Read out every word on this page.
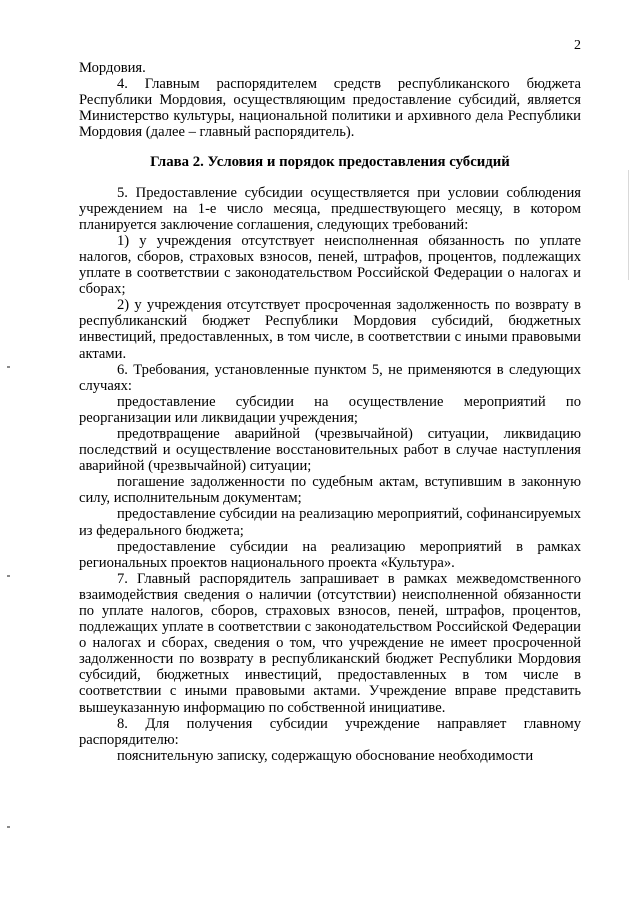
2

Мордовия.

4. Главным распорядителем средств республиканского бюджета Республики Мордовия, осуществляющим предоставление субсидий, является Министерство культуры, национальной политики и архивного дела Республики Мордовия (далее – главный распорядитель).

Глава 2. Условия и порядок предоставления субсидий

5. Предоставление субсидии осуществляется при условии соблюдения учреждением на 1-е число месяца, предшествующего месяцу, в котором планируется заключение соглашения, следующих требований:

1) у учреждения отсутствует неисполненная обязанность по уплате налогов, сборов, страховых взносов, пеней, штрафов, процентов, подлежащих уплате в соответствии с законодательством Российской Федерации о налогах и сборах;

2) у учреждения отсутствует просроченная задолженность по возврату в республиканский бюджет Республики Мордовия субсидий, бюджетных инвестиций, предоставленных, в том числе, в соответствии с иными правовыми актами.

6. Требования, установленные пунктом 5, не применяются в следующих случаях:

предоставление субсидии на осуществление мероприятий по реорганизации или ликвидации учреждения;

предотвращение аварийной (чрезвычайной) ситуации, ликвидацию последствий и осуществление восстановительных работ в случае наступления аварийной (чрезвычайной) ситуации;

погашение задолженности по судебным актам, вступившим в законную силу, исполнительным документам;

предоставление субсидии на реализацию мероприятий, софинансируемых из федерального бюджета;

предоставление субсидии на реализацию мероприятий в рамках региональных проектов национального проекта «Культура».

7. Главный распорядитель запрашивает в рамках межведомственного взаимодействия сведения о наличии (отсутствии) неисполненной обязанности по уплате налогов, сборов, страховых взносов, пеней, штрафов, процентов, подлежащих уплате в соответствии с законодательством Российской Федерации о налогах и сборах, сведения о том, что учреждение не имеет просроченной задолженности по возврату в республиканский бюджет Республики Мордовия субсидий, бюджетных инвестиций, предоставленных в том числе в соответствии с иными правовыми актами. Учреждение вправе представить вышеуказанную информацию по собственной инициативе.

8. Для получения субсидии учреждение направляет главному распорядителю:

пояснительную записку, содержащую обоснование необходимости
